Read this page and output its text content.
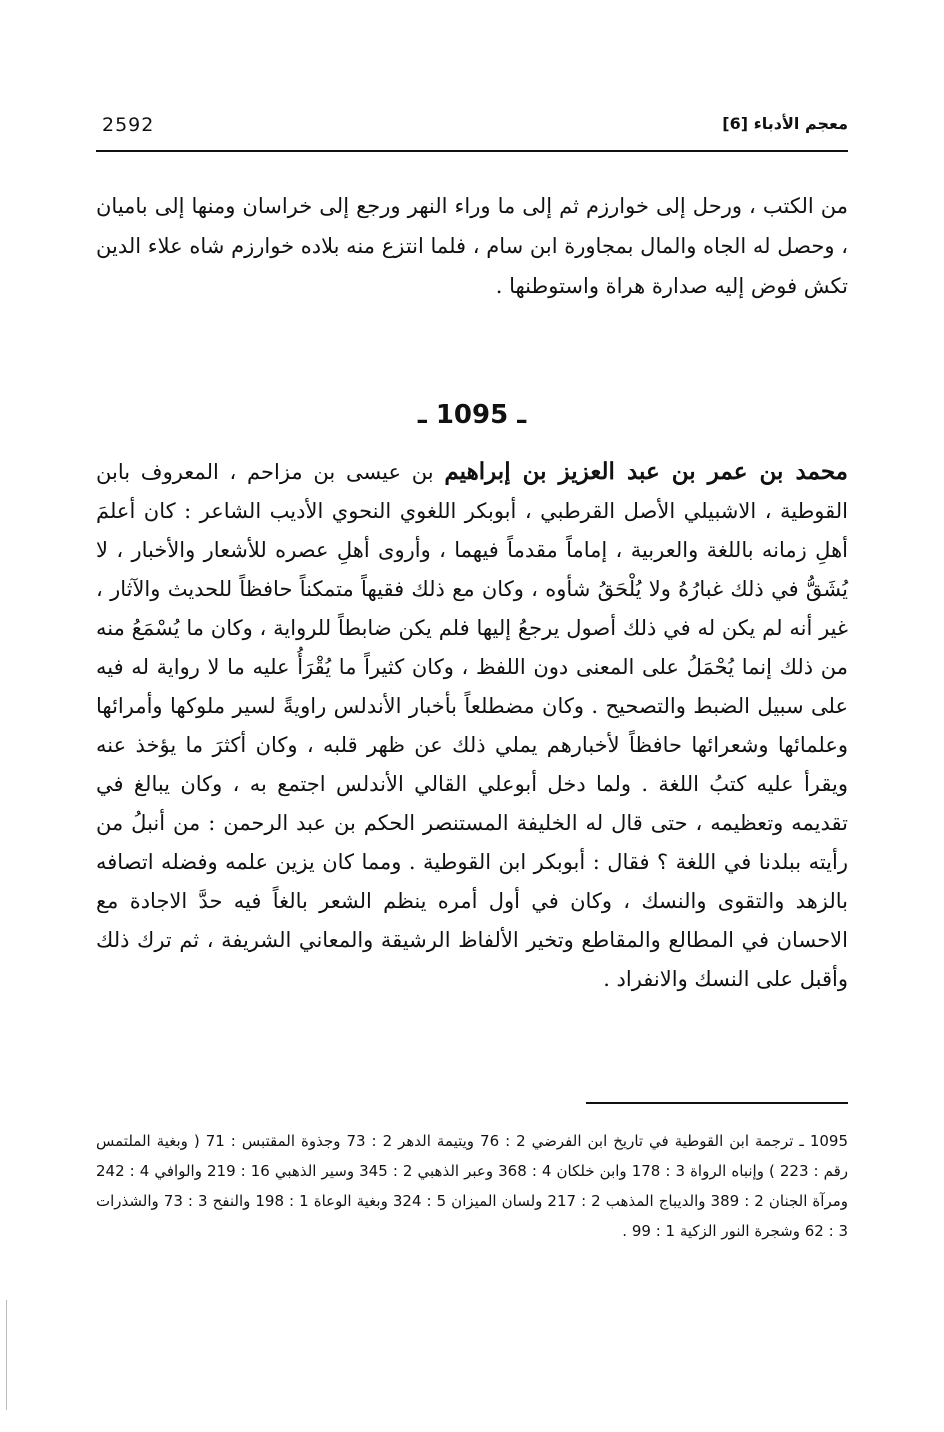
2592	معجم الأدباء [6]

من الكتب ، ورحل إلى خوارزم ثم إلى ما وراء النهر ورجع إلى خراسان ومنها إلى باميان ، وحصل له الجاه والمال بمجاورة ابن سام ، فلما انتزع منه بلاده خوارزم شاه علاء الدين تكش فوض إليه صدارة هراة واستوطنها .

ـ 1095 ـ

محمد بن عمر بن عبد العزيز بن إبراهيم بن عيسى بن مزاحم ، المعروف بابن القوطية ، الاشبيلي الأصل القرطبي ، أبوبكر اللغوي النحوي الأديب الشاعر : كان أعلمَ أهلِ زمانه باللغة والعربية ، إماماً مقدماً فيهما ، وأروى أهلِ عصره للأشعار والأخبار ، لا يُشَقُّ في ذلك غبارُهُ ولا يُلْحَقُ شأوه ، وكان مع ذلك فقيهاً متمكناً حافظاً للحديث والآثار ، غير أنه لم يكن له في ذلك أصول يرجعُ إليها فلم يكن ضابطاً للرواية ، وكان ما يُسْمَعُ منه من ذلك إنما يُحْمَلُ على المعنى دون اللفظ ، وكان كثيراً ما يُقْرَأُ عليه ما لا رواية له فيه على سبيل الضبط والتصحيح . وكان مضطلعاً بأخبار الأندلس راويةً لسير ملوكها وأمرائها وعلمائها وشعرائها حافظاً لأخبارهم يملي ذلك عن ظهر قلبه ، وكان أكثرَ ما يؤخذ عنه ويقرأ عليه كتبُ اللغة . ولما دخل أبوعلي القالي الأندلس اجتمع به ، وكان يبالغ في تقديمه وتعظيمه ، حتى قال له الخليفة المستنصر الحكم بن عبد الرحمن : من أنبلُ من رأيته ببلدنا في اللغة ؟ فقال : أبوبكر ابن القوطية . ومما كان يزين علمه وفضله اتصافه بالزهد والتقوى والنسك ، وكان في أول أمره ينظم الشعر بالغاً فيه حدَّ الاجادة مع الاحسان في المطالع والمقاطع وتخير الألفاظ الرشيقة والمعاني الشريفة ، ثم ترك ذلك وأقبل على النسك والانفراد .

1095 ـ ترجمة ابن القوطية في تاريخ ابن الفرضي 2 : 76 ويتيمة الدهر 2 : 73 وجذوة المقتبس : 71 ( وبغية الملتمس رقم : 223 ) وإنباه الرواة 3 : 178 وابن خلكان 4 : 368 وعبر الذهبي 2 : 345 وسير الذهبي 16 : 219 والوافي 4 : 242 ومرآة الجنان 2 : 389 والديباج المذهب 2 : 217 ولسان الميزان 5 : 324 وبغية الوعاة 1 : 198 والنفح 3 : 73 والشذرات 3 : 62 وشجرة النور الزكية 1 : 99 .
